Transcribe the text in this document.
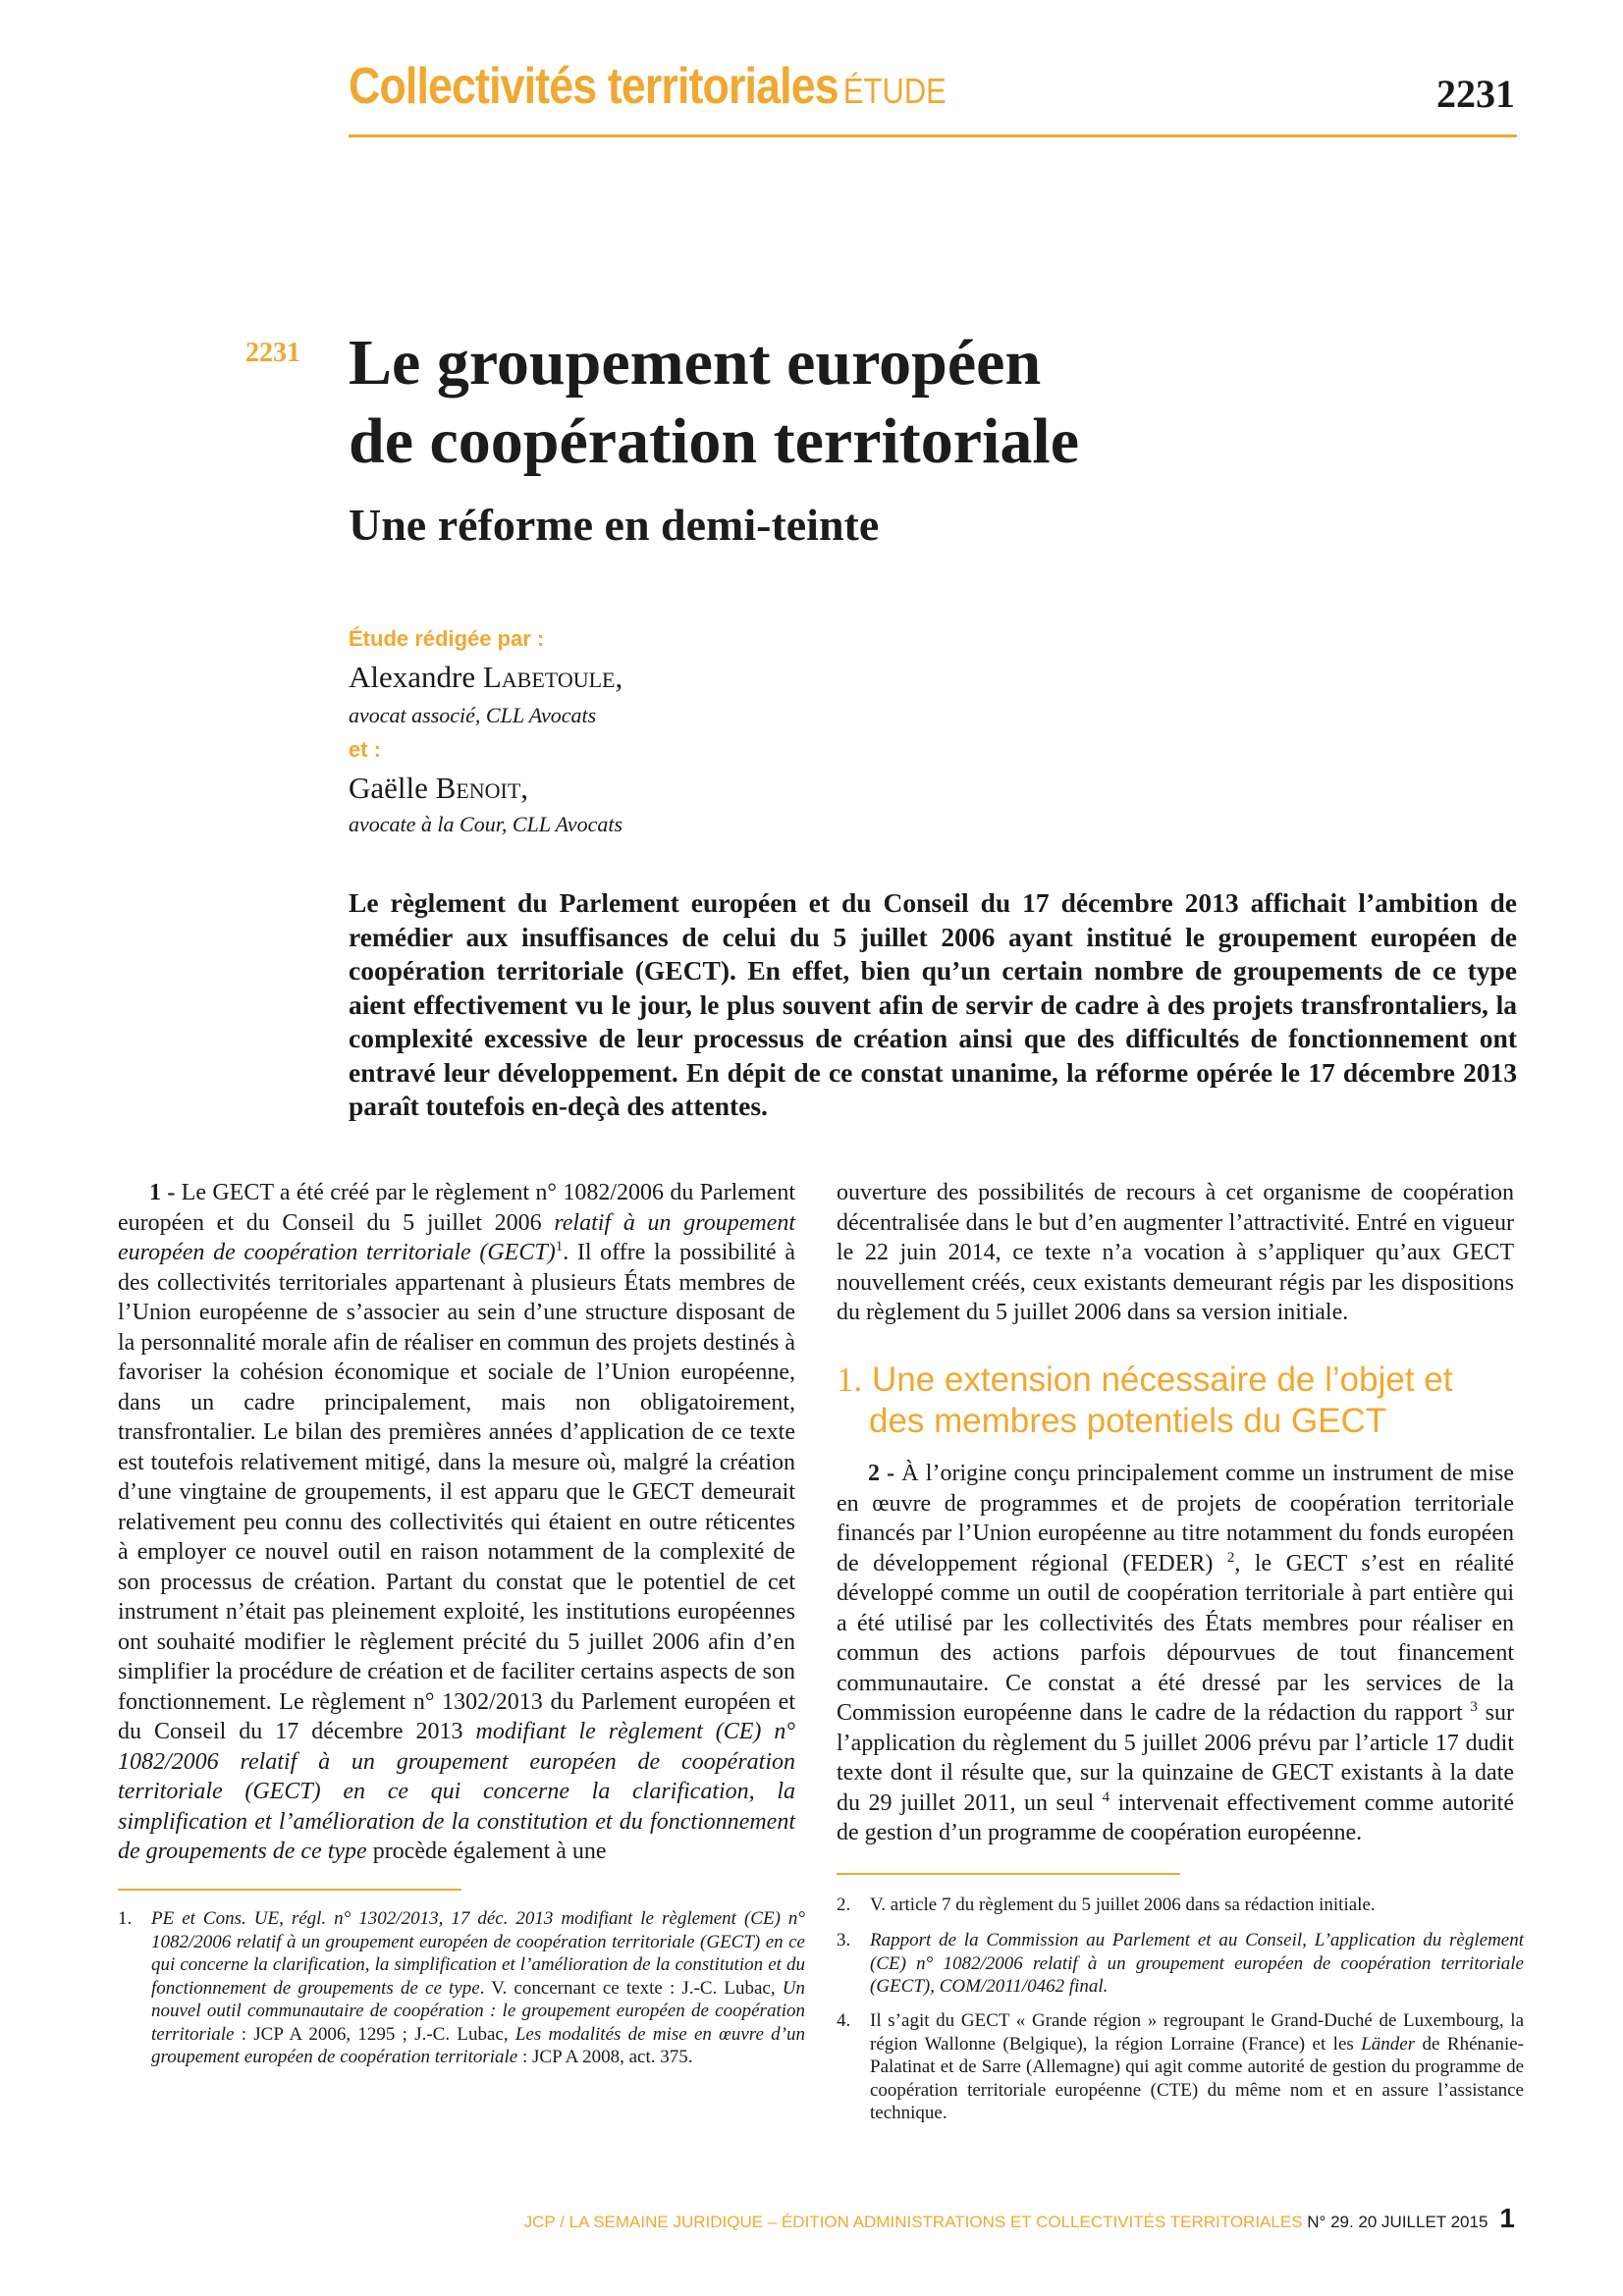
Collectivités territoriales ÉTUDE	2231
2231 Le groupement européen
de coopération territoriale
Une réforme en demi-teinte
Étude rédigée par :
Alexandre Labetoule,
avocat associé, CLL Avocats
et :
Gaëlle Benoit,
avocate à la Cour, CLL Avocats

Le règlement du Parlement européen et du Conseil du 17 décembre 2013 affichait l’ambition de remédier aux insuffisances de celui du 5 juillet 2006 ayant institué le groupement européen de coopération territoriale (GECT). En effet, bien qu’un certain nombre de groupements de ce type aient effectivement vu le jour, le plus souvent afin de servir de cadre à des projets transfrontaliers, la complexité excessive de leur processus de création ainsi que des difficultés de fonctionnement ont entravé leur développement. En dépit de ce constat unanime, la réforme opérée le 17 décembre 2013 paraît toutefois en-deçà des attentes.

1 - Le GECT a été créé par le règlement n° 1082/2006 du Parlement européen et du Conseil du 5 juillet 2006 relatif à un groupement européen de coopération territoriale (GECT)$^1$. Il offre la possibilité à des collectivités territoriales appartenant à plusieurs États membres de l’Union européenne de s’associer au sein d’une structure disposant de la personnalité morale afin de réaliser en commun des projets destinés à favoriser la cohésion économique et sociale de l’Union européenne, dans un cadre principalement, mais non obligatoirement, transfrontalier. Le bilan des premières années d’application de ce texte est toutefois relativement mitigé, dans la mesure où, malgré la création d’une vingtaine de groupements, il est apparu que le GECT demeurait relativement peu connu des collectivités qui étaient en outre réticentes à employer ce nouvel outil en raison notamment de la complexité de son processus de création. Partant du constat que le potentiel de cet instrument n’était pas pleinement exploité, les institutions européennes ont souhaité modifier le règlement précité du 5 juillet 2006 afin d’en simplifier la procédure de création et de faciliter certains aspects de son fonctionnement. Le règlement n° 1302/2013 du Parlement européen et du Conseil du 17 décembre 2013 modifiant le règlement (CE) n° 1082/2006 relatif à un groupement européen de coopération territoriale (GECT) en ce qui concerne la clarification, la simplification et l’amélioration de la constitution et du fonctionnement de groupements de ce type procède également à une

ouverture des possibilités de recours à cet organisme de coopération décentralisée dans le but d’en augmenter l’attractivité. Entré en vigueur le 22 juin 2014, ce texte n’a vocation à s’appliquer qu’aux GECT nouvellement créés, ceux existants demeurant régis par les dispositions du règlement du 5 juillet 2006 dans sa version initiale.

1. Une extension nécessaire de l’objet et
des membres potentiels du GECT

2 - À l’origine conçu principalement comme un instrument de mise en œuvre de programmes et de projets de coopération territoriale financés par l’Union européenne au titre notamment du fonds européen de développement régional (FEDER) $^2$, le GECT s’est en réalité développé comme un outil de coopération territoriale à part entière qui a été utilisé par les collectivités des États membres pour réaliser en commun des actions parfois dépourvues de tout financement communautaire. Ce constat a été dressé par les services de la Commission européenne dans le cadre de la rédaction du rapport $^3$ sur l’application du règlement du 5 juillet 2006 prévu par l’article 17 dudit texte dont il résulte que, sur la quinzaine de GECT existants à la date du 29 juillet 2011, un seul $^4$ intervenait effectivement comme autorité de gestion d’un programme de coopération européenne.

1.	PE et Cons. UE, régl. n° 1302/2013, 17 déc. 2013 modifiant le règlement (CE) n° 1082/2006 relatif à un groupement européen de coopération territoriale (GECT) en ce qui concerne la clarification, la simplification et l’amélioration de la constitution et du fonctionnement de groupements de ce type. V. concernant ce texte : J.-C. Lubac, Un nouvel outil communautaire de coopération : le groupement européen de coopération territoriale : JCP A 2006, 1295 ; J.-C. Lubac, Les modalités de mise en œuvre d’un groupement européen de coopération territoriale : JCP A 2008, act. 375.
2.	V. article 7 du règlement du 5 juillet 2006 dans sa rédaction initiale.
3.	Rapport de la Commission au Parlement et au Conseil, L’application du règlement (CE) n° 1082/2006 relatif à un groupement européen de coopération territoriale (GECT), COM/2011/0462 final.
4.	Il s’agit du GECT « Grande région » regroupant le Grand-Duché de Luxembourg, la région Wallonne (Belgique), la région Lorraine (France) et les Länder de Rhénanie-Palatinat et de Sarre (Allemagne) qui agit comme autorité de gestion du programme de coopération territoriale européenne (CTE) du même nom et en assure l’assistance technique.
JCP / LA SEMAINE JURIDIQUE – ÉDITION ADMINISTRATIONS ET COLLECTIVITÉS TERRITORIALES N° 29. 20 JUILLET 2015 1
